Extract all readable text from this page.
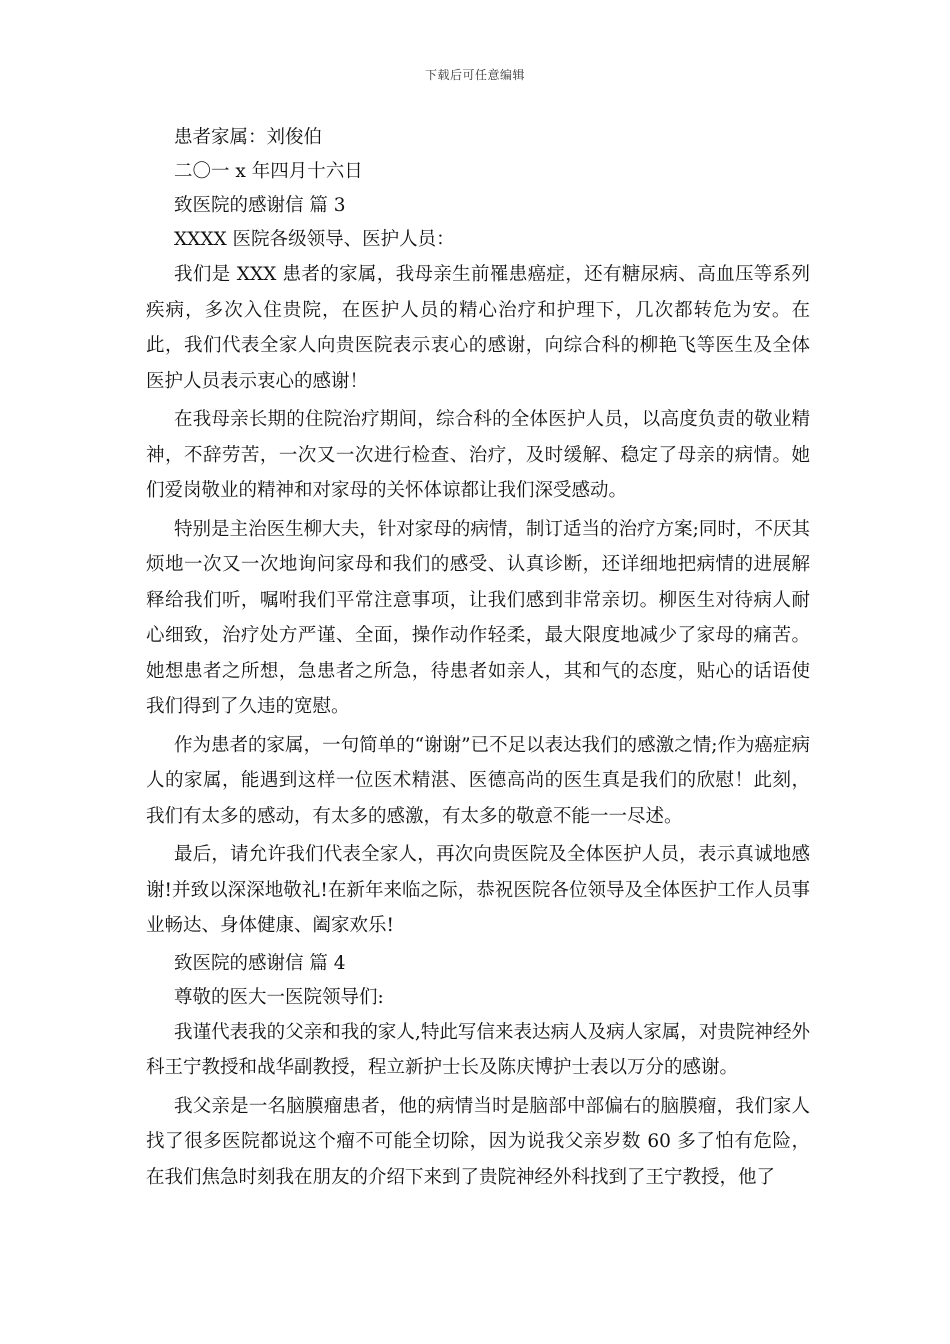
下载后可任意编辑
患者家属：刘俊伯
二〇一 x 年四月十六日
致医院的感谢信 篇 3
XXXX 医院各级领导、医护人员：

我们是 XXX 患者的家属，我母亲生前罹患癌症，还有糖尿病、高血压等系列疾病，多次入住贵院，在医护人员的精心治疗和护理下，几次都转危为安。在此，我们代表全家人向贵医院表示衷心的感谢，向综合科的柳艳飞等医生及全体医护人员表示衷心的感谢！

在我母亲长期的住院治疗期间，综合科的全体医护人员，以高度负责的敬业精神，不辞劳苦，一次又一次进行检查、治疗，及时缓解、稳定了母亲的病情。她们爱岗敬业的精神和对家母的关怀体谅都让我们深受感动。

特别是主治医生柳大夫，针对家母的病情，制订适当的治疗方案;同时，不厌其烦地一次又一次地询问家母和我们的感受、认真诊断，还详细地把病情的进展解释给我们听，嘱咐我们平常注意事项，让我们感到非常亲切。柳医生对待病人耐心细致，治疗处方严谨、全面，操作动作轻柔，最大限度地减少了家母的痛苦。她想患者之所想，急患者之所急，待患者如亲人，其和气的态度，贴心的话语使我们得到了久违的宽慰。

作为患者的家属，一句简单的“谢谢”已不足以表达我们的感激之情;作为癌症病人的家属，能遇到这样一位医术精湛、医德高尚的医生真是我们的欣慰！此刻，我们有太多的感动，有太多的感激，有太多的敬意不能一一尽述。

最后，请允许我们代表全家人，再次向贵医院及全体医护人员，表示真诚地感谢!并致以深深地敬礼!在新年来临之际，恭祝医院各位领导及全体医护工作人员事业畅达、身体健康、阖家欢乐!

致医院的感谢信 篇 4
尊敬的医大一医院领导们:

我谨代表我的父亲和我的家人,特此写信来表达病人及病人家属，对贵院神经外科王宁教授和战华副教授，程立新护士长及陈庆博护士表以万分的感谢。

我父亲是一名脑膜瘤患者，他的病情当时是脑部中部偏右的脑膜瘤，我们家人找了很多医院都说这个瘤不可能全切除，因为说我父亲岁数 60 多了怕有危险，在我们焦急时刻我在朋友的介绍下来到了贵院神经外科找到了王宁教授，他了
